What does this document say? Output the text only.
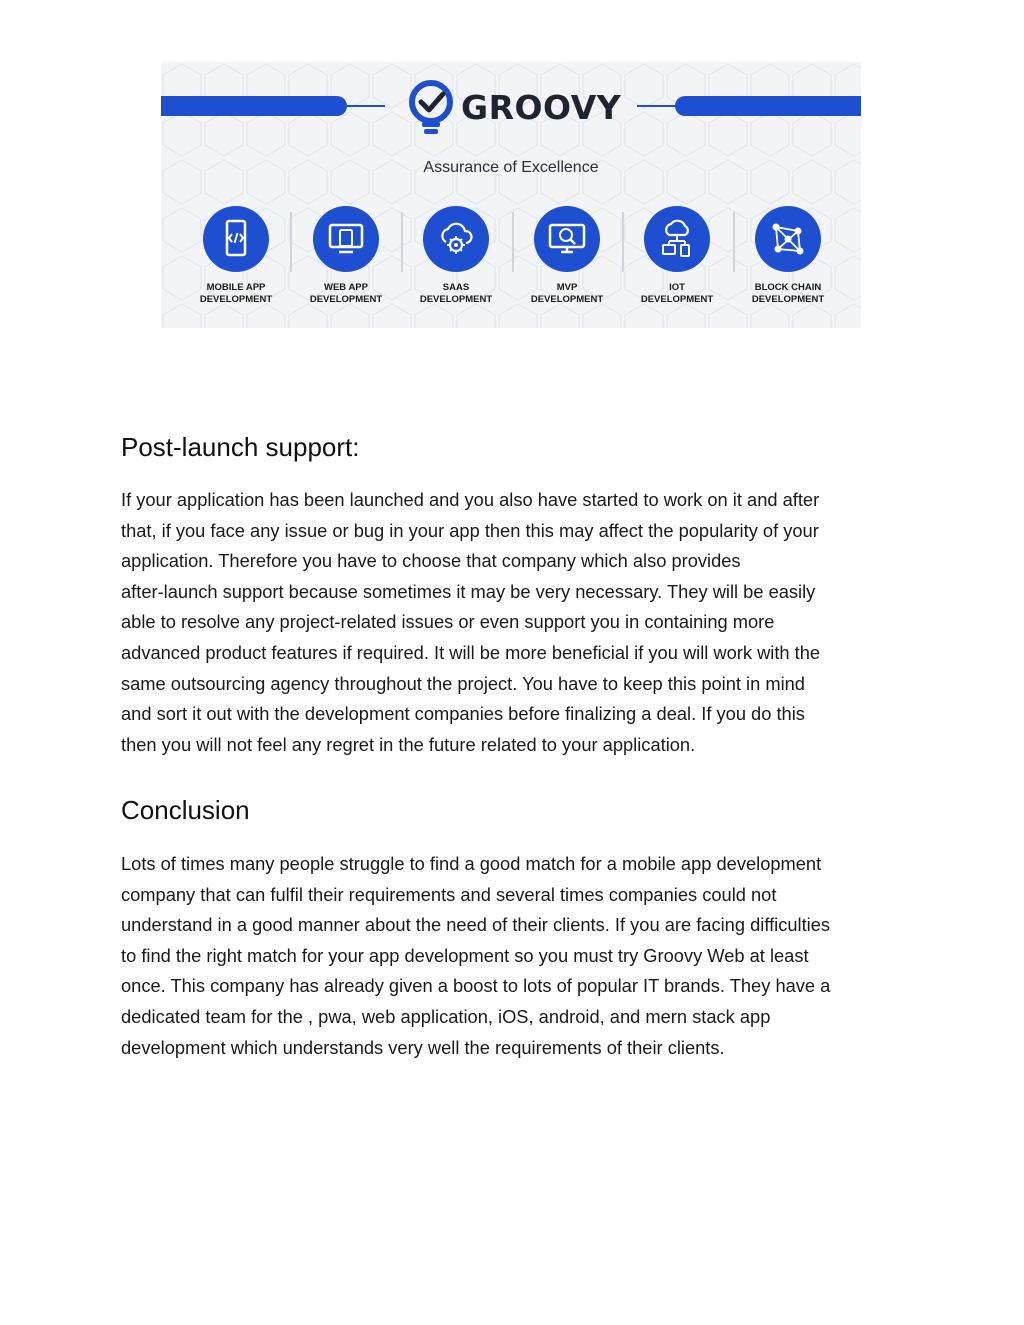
GROOVY
Assurance of Excellence
MOBILE APP
DEVELOPMENT
WEB APP
DEVELOPMENT
SAAS
DEVELOPMENT
MVP
DEVELOPMENT
IOT
DEVELOPMENT
BLOCK CHAIN
DEVELOPMENT
Post-launch support:
If your application has been launched and you also have started to work on it and after
that, if you face any issue or bug in your app then this may affect the popularity of your
application. Therefore you have to choose that company which also provides
after-launch support because sometimes it may be very necessary. They will be easily
able to resolve any project-related issues or even support you in containing more
advanced product features if required. It will be more beneficial if you will work with the
same outsourcing agency throughout the project. You have to keep this point in mind
and sort it out with the development companies before finalizing a deal. If you do this
then you will not feel any regret in the future related to your application.
Conclusion
Lots of times many people struggle to find a good match for a mobile app development
company that can fulfil their requirements and several times companies could not
understand in a good manner about the need of their clients. If you are facing difficulties
to find the right match for your app development so you must try Groovy Web at least
once. This company has already given a boost to lots of popular IT brands. They have a
dedicated team for the , pwa, web application, iOS, android, and mern stack app
development which understands very well the requirements of their clients.
